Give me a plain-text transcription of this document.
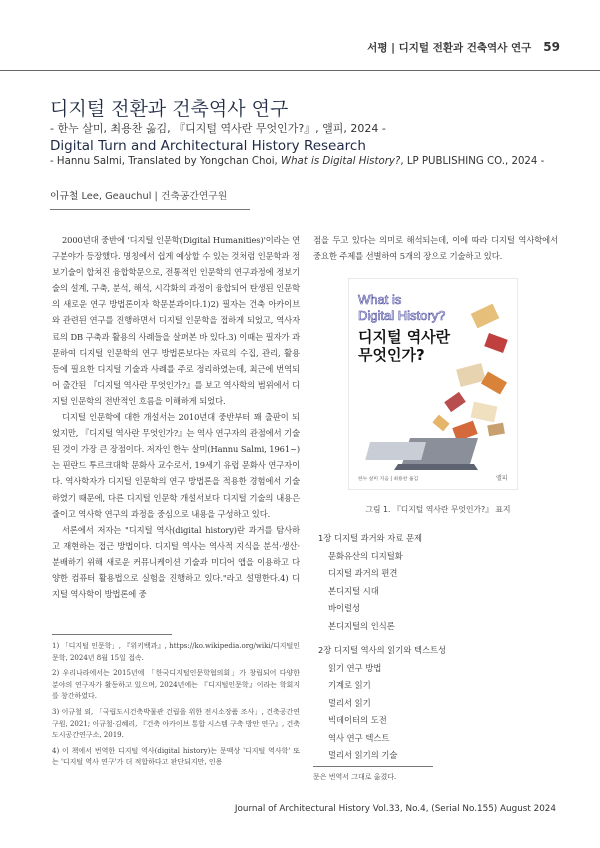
서평 | 디지털 전환과 건축역사 연구 59
디지털 전환과 건축역사 연구
- 한누 살미, 최용찬 옮김, 『디지털 역사란 무엇인가?』, 앨피, 2024 -
Digital Turn and Architectural History Research
- Hannu Salmi, Translated by Yongchan Choi, What is Digital History?, LP PUBLISHING CO., 2024 -
이규철 Lee, Geauchul | 건축공간연구원

2000년대 중반에 '디지털 인문학(Digital Humanities)'이라는 연구분야가 등장했다. 명칭에서 쉽게 예상할 수 있는 것처럼 인문학과 정보기술이 합쳐진 융합학문으로, 전통적인 인문학의 연구과정에 정보기술의 설계, 구축, 분석, 해석, 시각화의 과정이 융합되어 탄생된 인문학의 새로운 연구 방법론이자 학문분과이다.1)2) 필자는 건축 아카이브와 관련된 연구를 진행하면서 디지털 인문학을 접하게 되었고, 역사자료의 DB 구축과 활용의 사례들을 살펴본 바 있다.3) 이때는 필자가 과문하여 디지털 인문학의 연구 방법론보다는 자료의 수집, 관리, 활용 등에 필요한 디지털 기술과 사례를 주로 정리하였는데, 최근에 번역되어 출간된 『디지털 역사란 무엇인가?』를 보고 역사학의 범위에서 디지털 인문학의 전반적인 흐름을 이해하게 되었다.

디지털 인문학에 대한 개설서는 2010년대 중반부터 꽤 출판이 되었지만, 『디지털 역사란 무엇인가?』는 역사 연구자의 관점에서 기술된 것이 가장 큰 장점이다. 저자인 한누 살미(Hannu Salmi, 1961~)는 핀란드 투르크대학 문화사 교수로서, 19세기 유럽 문화사 연구자이다. 역사학자가 디지털 인문학의 연구 방법론을 적용한 경험에서 기술하였기 때문에, 다른 디지털 인문학 개설서보다 디지털 기술의 내용은 줄이고 역사학 연구의 과정을 중심으로 내용을 구성하고 있다.

서론에서 저자는 "디지털 역사(digital history)란 과거를 탐사하고 재현하는 접근 방법이다. 디지털 역사는 역사적 지식을 분석·생산·분배하기 위해 새로운 커뮤니케이션 기술과 미디어 앱을 이용하고 다양한 컴퓨터 활용법으로 실험을 진행하고 있다."라고 설명한다.4) 디지털 역사학이 방법론에 중

1) 「디지털 인문학」, 『위키백과』, https://ko.wikipedia.org/wiki/디지털인문학, 2024년 8월 15일 접속.
2) 우리나라에서는 2015년에 「한국디지털인문학협의회」가 창립되어 다양한 분야의 연구자가 활동하고 있으며, 2024년에는 『디지털인문학』이라는 학회지를 창간하였다.
3) 이규철 외, 「국립도시건축박물관 건립을 위한 전시소장품 조사」, 건축공간연구원, 2021; 이규철·김혜리, 『건축 아카이브 통합 시스템 구축 방안 연구』, 건축도시공간연구소, 2019.
4) 이 책에서 번역한 디지털 역사(digital history)는 문맥상 '디지털 역사학' 또는 '디지털 역사 연구'가 더 적합하다고 판단되지만, 인용

점을 두고 있다는 의미로 해석되는데, 이에 따라 디지털 역사학에서 중요한 주제를 선별하여 5개의 장으로 기술하고 있다.

What is
Digital History?
디지털 역사란
무엇인가?
한누 살미 지음 | 최용찬 옮김	앨피
그림 1. 『디지털 역사란 무엇인가?』 표지
1장 디지털 과거와 자료 문제
문화유산의 디지털화
디지털 과거의 편견
본디지털 시대
바이럴성
본디지털의 인식론
2장 디지털 역사의 읽기와 텍스트성
읽기 연구 방법
기계로 읽기
멀리서 읽기
빅데이터의 도전
역사 연구 텍스트
멀리서 읽기의 기술
문은 번역서 그대로 옮겼다.
Journal of Architectural History Vol.33, No.4, (Serial No.155) August 2024
